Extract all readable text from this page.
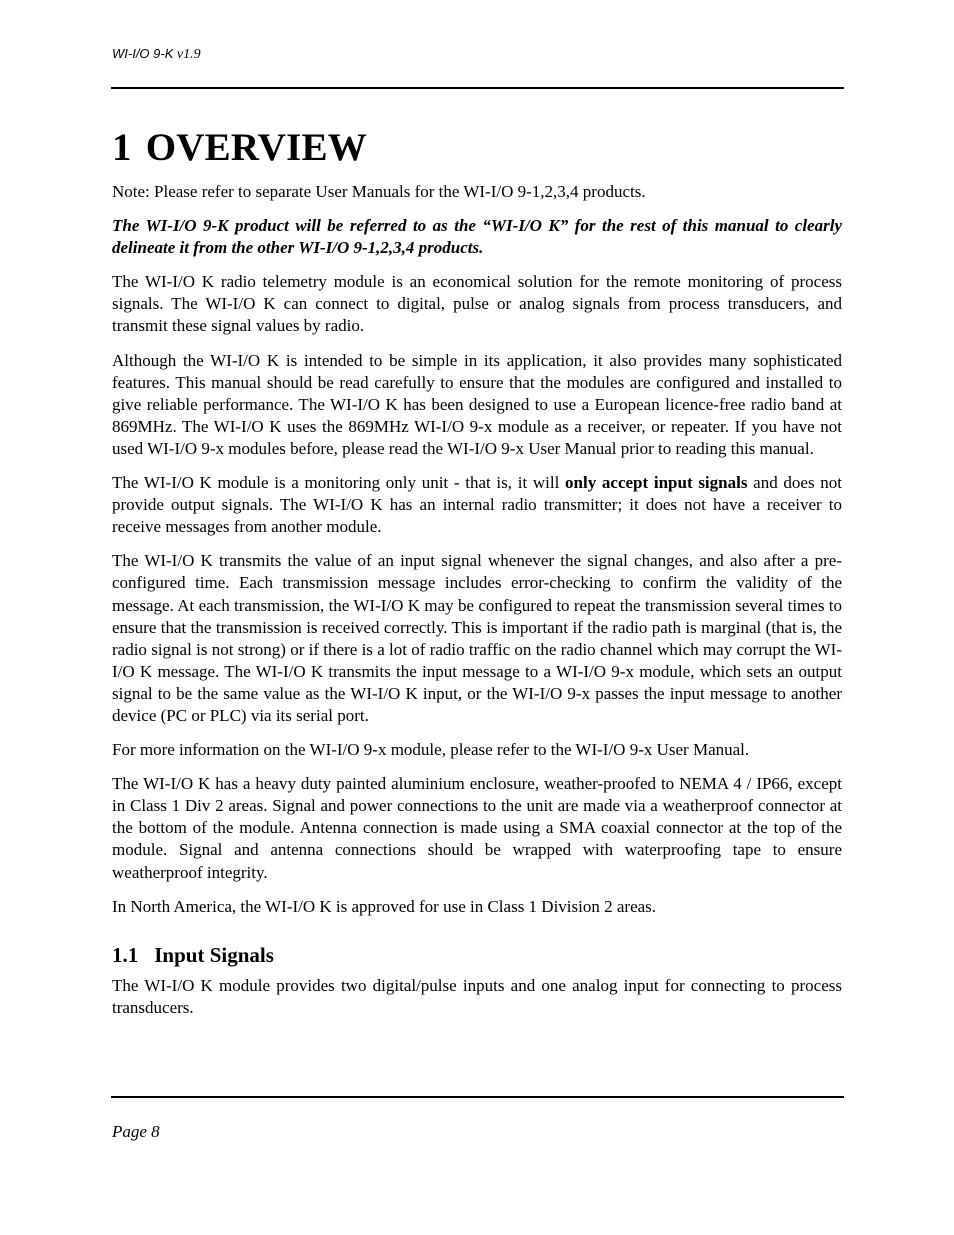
WI-I/O 9-K v1.9
1 OVERVIEW

Note: Please refer to separate User Manuals for the WI-I/O 9-1,2,3,4 products.

The WI-I/O 9-K product will be referred to as the “WI-I/O K” for the rest of this manual to clearly delineate it from the other WI-I/O 9-1,2,3,4 products.

The WI-I/O K radio telemetry module is an economical solution for the remote monitoring of process signals. The WI-I/O K can connect to digital, pulse or analog signals from process transducers, and transmit these signal values by radio.

Although the WI-I/O K is intended to be simple in its application, it also provides many sophisticated features. This manual should be read carefully to ensure that the modules are configured and installed to give reliable performance. The WI-I/O K has been designed to use a European licence-free radio band at 869MHz. The WI-I/O K uses the 869MHz WI-I/O 9-x module as a receiver, or repeater. If you have not used WI-I/O 9-x modules before, please read the WI-I/O 9-x User Manual prior to reading this manual.

The WI-I/O K module is a monitoring only unit - that is, it will only accept input signals and does not provide output signals. The WI-I/O K has an internal radio transmitter; it does not have a receiver to receive messages from another module.

The WI-I/O K transmits the value of an input signal whenever the signal changes, and also after a pre-configured time. Each transmission message includes error-checking to confirm the validity of the message. At each transmission, the WI-I/O K may be configured to repeat the transmission several times to ensure that the transmission is received correctly. This is important if the radio path is marginal (that is, the radio signal is not strong) or if there is a lot of radio traffic on the radio channel which may corrupt the WI-I/O K message. The WI-I/O K transmits the input message to a WI-I/O 9-x module, which sets an output signal to be the same value as the WI-I/O K input, or the WI-I/O 9-x passes the input message to another device (PC or PLC) via its serial port.

For more information on the WI-I/O 9-x module, please refer to the WI-I/O 9-x User Manual.

The WI-I/O K has a heavy duty painted aluminium enclosure, weather-proofed to NEMA 4 / IP66, except in Class 1 Div 2 areas. Signal and power connections to the unit are made via a weatherproof connector at the bottom of the module. Antenna connection is made using a SMA coaxial connector at the top of the module. Signal and antenna connections should be wrapped with waterproofing tape to ensure weatherproof integrity.

In North America, the WI-I/O K is approved for use in Class 1 Division 2 areas.

1.1 Input Signals

The WI-I/O K module provides two digital/pulse inputs and one analog input for connecting to process transducers.

Page 8
